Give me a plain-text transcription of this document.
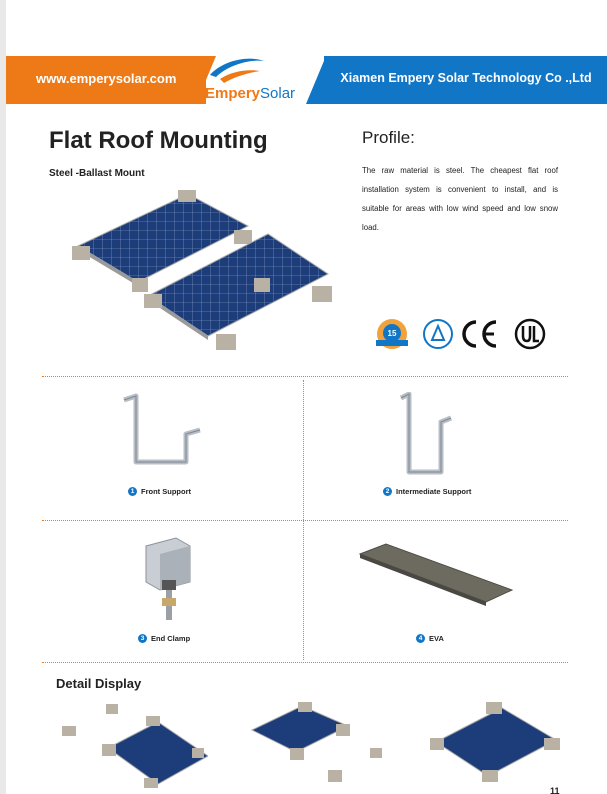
www.emperysolar.com	Xiamen Empery Solar Technology Co .,Ltd
EmperySolar
Flat Roof Mounting
Steel -Ballast Mount
Profile:
The raw material is steel. The cheapest flat roof installation system is convenient to install, and is suitable for areas with low wind speed and low snow load.
15
1 Front Support	2 Intermediate Support
3 End Clamp	4 EVA
Detail Display
11
